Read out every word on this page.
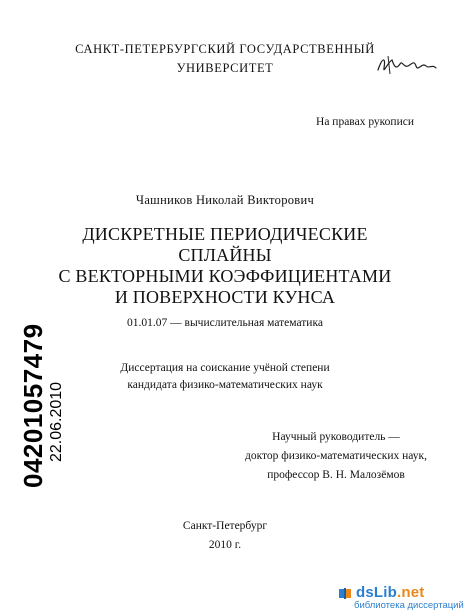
САНКТ-ПЕТЕРБУРГСКИЙ ГОСУДАРСТВЕННЫЙ
УНИВЕРСИТЕТ
На правах рукописи
Чашников Николай Викторович
ДИСКРЕТНЫЕ ПЕРИОДИЧЕСКИЕ
СПЛАЙНЫ
С ВЕКТОРНЫМИ КОЭФФИЦИЕНТАМИ
И ПОВЕРХНОСТИ КУНСА
01.01.07 — вычислительная математика
Диссертация на соискание учёной степени
кандидата физико-математических наук
Научный руководитель —
доктор физико-математических наук,
профессор В. Н. Малозёмов
Санкт-Петербург
2010 г.
04201057479 22.06.2010
dsLib.net
библиотека диссертаций
